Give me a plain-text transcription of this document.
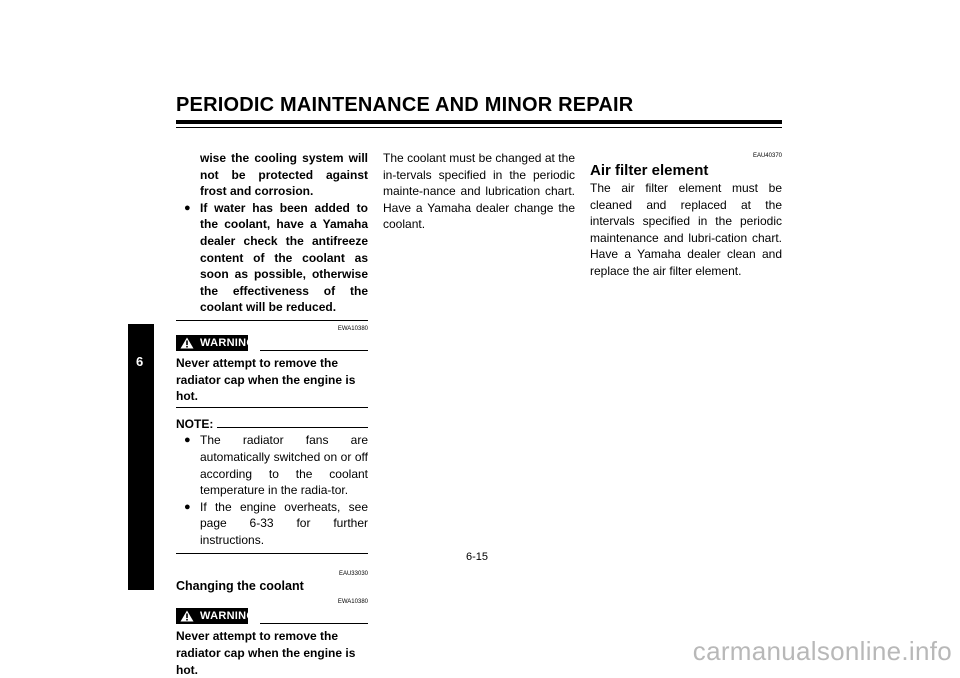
PERIODIC MAINTENANCE AND MINOR REPAIR
6
wise the cooling system will not be protected against frost and corrosion.
● If water has been added to the coolant, have a Yamaha dealer check the antifreeze content of the coolant as soon as possible, otherwise the effectiveness of the coolant will be reduced.
EWA10380
WARNING
Never attempt to remove the radiator cap when the engine is hot.
NOTE:
● The radiator fans are automatically switched on or off according to the coolant temperature in the radia-tor.
● If the engine overheats, see page 6-33 for further instructions.
EAU33030
Changing the coolant
EWA10380
WARNING
Never attempt to remove the radiator cap when the engine is hot.
The coolant must be changed at the in-tervals specified in the periodic mainte-nance and lubrication chart. Have a Yamaha dealer change the coolant.
EAU40370
Air filter element
The air filter element must be cleaned and replaced at the intervals specified in the periodic maintenance and lubri-cation chart. Have a Yamaha dealer clean and replace the air filter element.
6-15
carmanualsonline.info
